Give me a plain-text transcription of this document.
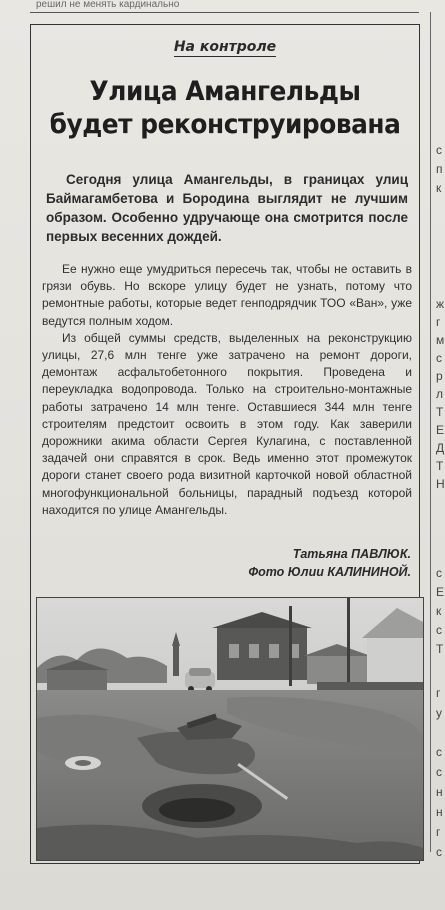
решил не менять кардинально
На контроле
Улица Амангельды
будет реконструирована
Сегодня улица Амангельды, в границах улиц Баймагамбетова и Бородина выглядит не лучшим образом. Особенно удручающе она смотрится после первых весенних дождей.

Ее нужно еще умудриться пересечь так, чтобы не оставить в грязи обувь. Но вскоре улицу будет не узнать, потому что ремонтные работы, которые ведет генподрядчик ТОО «Ван», уже ведутся полным ходом.

Из общей суммы средств, выделенных на реконструкцию улицы, 27,6 млн тенге уже затрачено на ремонт дороги, демонтаж асфальтобетонного покрытия. Проведена и переукладка водопровода. Только на строительно-монтажные работы затрачено 14 млн тенге. Оставшиеся 344 млн тенге строителям предстоит освоить в этом году. Как заверили дорожники акима области Сергея Кулагина, с поставленной задачей они справятся в срок. Ведь именно этот промежуток дороги станет своего рода визитной карточкой новой областной многофункциональной больницы, парадный подъезд которой находится по улице Амангельды.

Татьяна ПАВЛЮК.
Фото Юлии КАЛИНИНОЙ.
с
п
к
ж
г
м
с
р
л
Т
Е
Д
Т
Н
с
Е
к
с
Т
г
у
с
с
н
н
г
с
